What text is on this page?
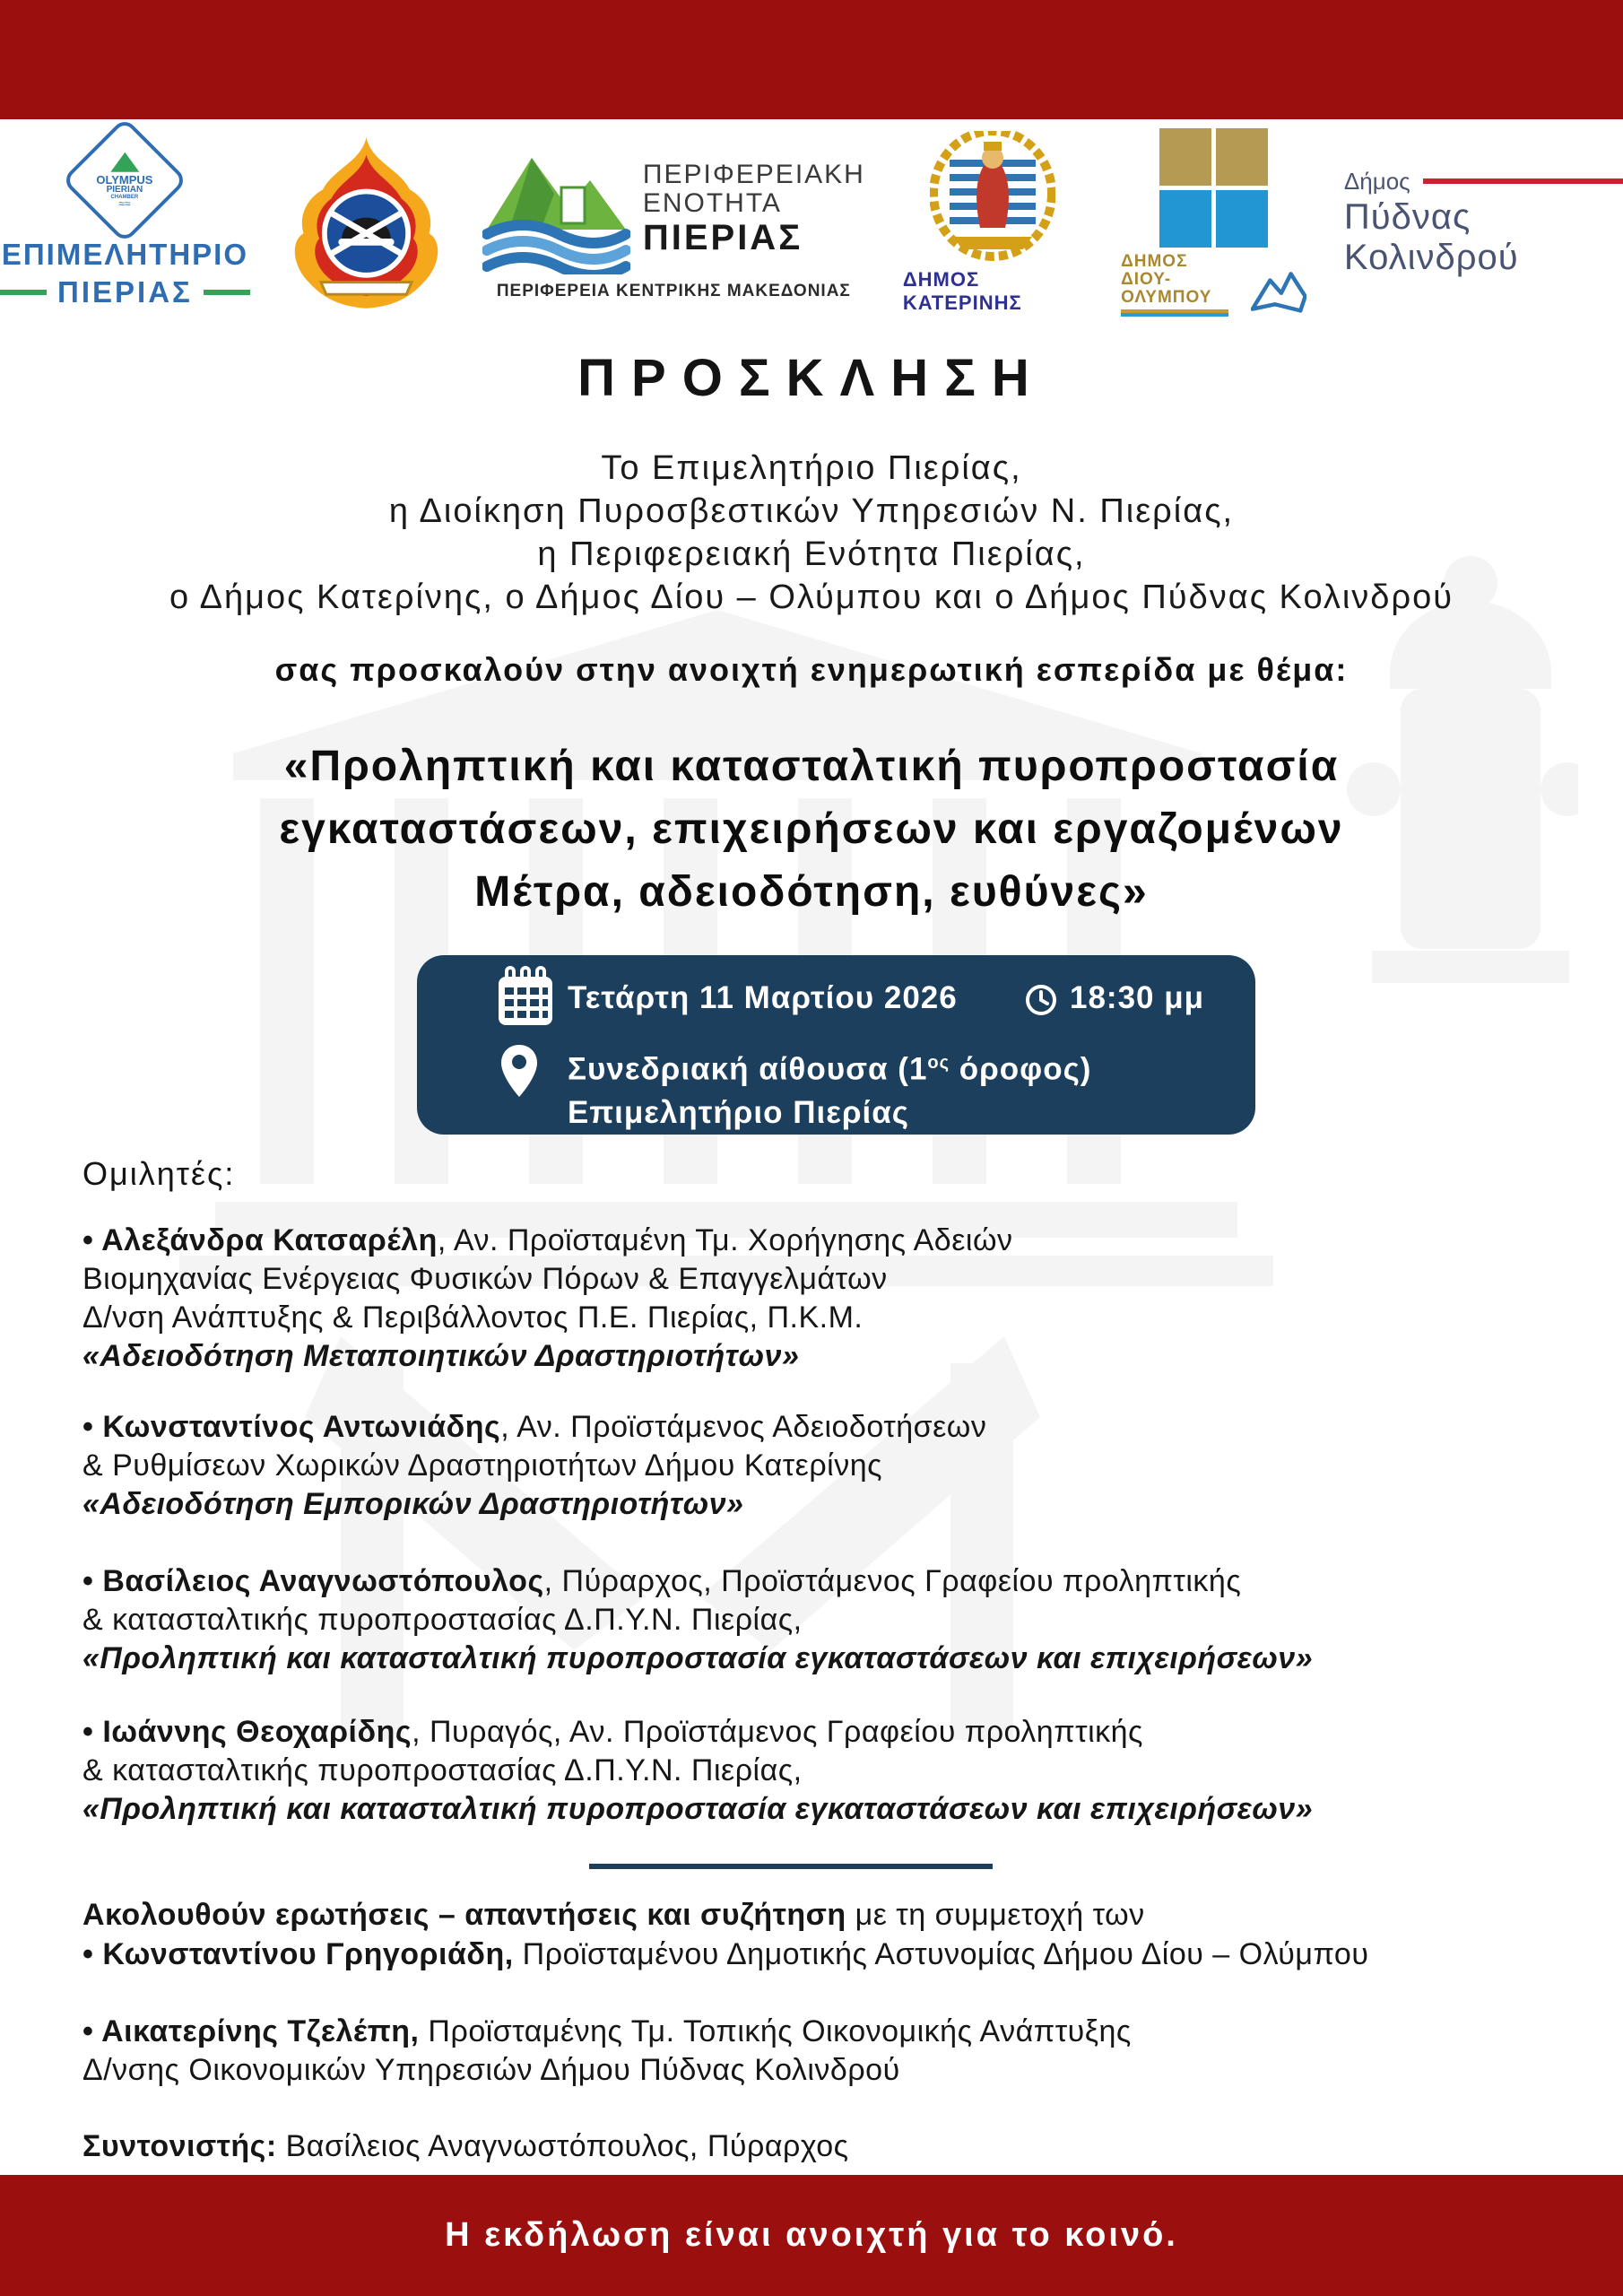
OLYMPUS
PIERIAN
CHAMBER
≈≈
ΕΠΙΜΕΛΗΤΗΡΙΟ
ΠΙΕΡΙΑΣ
ΠΕΡΙΦΕΡΕΙΑΚΗ
ΕΝΟΤΗΤΑ
ΠΙΕΡΙΑΣ
ΠΕΡΙΦΕΡΕΙΑ ΚΕΝΤΡΙΚΗΣ ΜΑΚΕΔΟΝΙΑΣ
ΔΗΜΟΣ ΚΑΤΕΡΙΝΗΣ
ΔΗΜΟΣ
ΔΙΟΥ-ΟΛΥΜΠΟΥ
Δήμος
Πύδνας Κολινδρού
ΠΡΟΣΚΛΗΣΗ
Το Επιμελητήριο Πιερίας,
η Διοίκηση Πυροσβεστικών Υπηρεσιών Ν. Πιερίας,
η Περιφερειακή Ενότητα Πιερίας,
ο Δήμος Κατερίνης, ο Δήμος Δίου – Ολύμπου και ο Δήμος Πύδνας Κολινδρού
σας προσκαλούν στην ανοιχτή ενημερωτική εσπερίδα με θέμα:
«Προληπτική και κατασταλτική πυροπροστασία
εγκαταστάσεων, επιχειρήσεων και εργαζομένων
Μέτρα, αδειοδότηση, ευθύνες»
Τετάρτη 11 Μαρτίου 2026	18:30 μμ
Συνεδριακή αίθουσα ($1^{o\varsigma}$ όροφος)
Επιμελητήριο Πιερίας
Ομιλητές:
• Αλεξάνδρα Κατσαρέλη, Αν. Προϊσταμένη Τμ. Χορήγησης Αδειών
Βιομηχανίας Ενέργειας Φυσικών Πόρων & Επαγγελμάτων
Δ/νση Ανάπτυξης & Περιβάλλοντος Π.Ε. Πιερίας, Π.Κ.Μ.
«Αδειοδότηση Μεταποιητικών Δραστηριοτήτων»
• Κωνσταντίνος Αντωνιάδης, Αν. Προϊστάμενος Αδειοδοτήσεων
& Ρυθμίσεων Χωρικών Δραστηριοτήτων Δήμου Κατερίνης
«Αδειοδότηση Εμπορικών Δραστηριοτήτων»
• Βασίλειος Αναγνωστόπουλος, Πύραρχος, Προϊστάμενος Γραφείου προληπτικής
& κατασταλτικής πυροπροστασίας Δ.Π.Υ.Ν. Πιερίας,
«Προληπτική και κατασταλτική πυροπροστασία εγκαταστάσεων και επιχειρήσεων»
• Ιωάννης Θεοχαρίδης, Πυραγός, Αν. Προϊστάμενος Γραφείου προληπτικής
& κατασταλτικής πυροπροστασίας Δ.Π.Υ.Ν. Πιερίας,
«Προληπτική και κατασταλτική πυροπροστασία εγκαταστάσεων και επιχειρήσεων»
Ακολουθούν ερωτήσεις – απαντήσεις και συζήτηση με τη συμμετοχή των
• Κωνσταντίνου Γρηγοριάδη, Προϊσταμένου Δημοτικής Αστυνομίας Δήμου Δίου – Ολύμπου
• Αικατερίνης Τζελέπη, Προϊσταμένης Τμ. Τοπικής Οικονομικής Ανάπτυξης
Δ/νσης Οικονομικών Υπηρεσιών Δήμου Πύδνας Κολινδρού
Συντονιστής: Βασίλειος Αναγνωστόπουλος, Πύραρχος
Η εκδήλωση είναι ανοιχτή για το κοινό.
